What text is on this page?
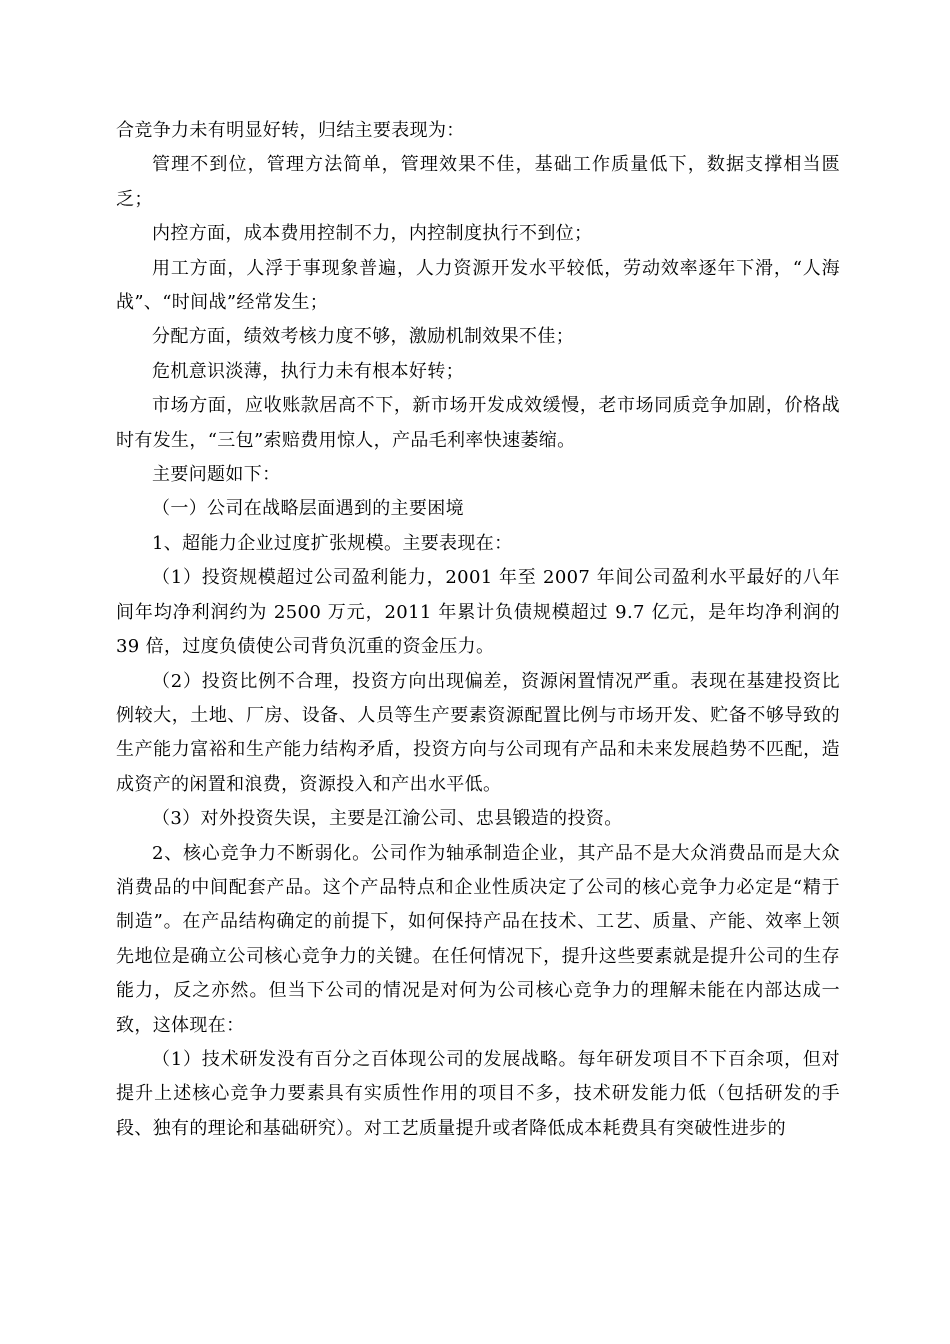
合竞争力未有明显好转，归结主要表现为：

管理不到位，管理方法简单，管理效果不佳，基础工作质量低下，数据支撑相当匮乏；

内控方面，成本费用控制不力，内控制度执行不到位；

用工方面，人浮于事现象普遍，人力资源开发水平较低，劳动效率逐年下滑，“人海战”、“时间战”经常发生；

分配方面，绩效考核力度不够，激励机制效果不佳；

危机意识淡薄，执行力未有根本好转；

市场方面，应收账款居高不下，新市场开发成效缓慢，老市场同质竞争加剧，价格战时有发生，“三包”索赔费用惊人，产品毛利率快速萎缩。

主要问题如下：

（一）公司在战略层面遇到的主要困境

1、超能力企业过度扩张规模。主要表现在：

（1）投资规模超过公司盈利能力，2001 年至 2007 年间公司盈利水平最好的八年间年均净利润约为 2500 万元，2011 年累计负债规模超过 9.7 亿元，是年均净利润的 39 倍，过度负债使公司背负沉重的资金压力。

（2）投资比例不合理，投资方向出现偏差，资源闲置情况严重。表现在基建投资比例较大，土地、厂房、设备、人员等生产要素资源配置比例与市场开发、贮备不够导致的生产能力富裕和生产能力结构矛盾，投资方向与公司现有产品和未来发展趋势不匹配，造成资产的闲置和浪费，资源投入和产出水平低。

（3）对外投资失误，主要是江渝公司、忠县锻造的投资。

2、核心竞争力不断弱化。公司作为轴承制造企业，其产品不是大众消费品而是大众消费品的中间配套产品。这个产品特点和企业性质决定了公司的核心竞争力必定是“精于制造”。在产品结构确定的前提下，如何保持产品在技术、工艺、质量、产能、效率上领先地位是确立公司核心竞争力的关键。在任何情况下，提升这些要素就是提升公司的生存能力，反之亦然。但当下公司的情况是对何为公司核心竞争力的理解未能在内部达成一致，这体现在：

（1）技术研发没有百分之百体现公司的发展战略。每年研发项目不下百余项，但对提升上述核心竞争力要素具有实质性作用的项目不多，技术研发能力低（包括研发的手段、独有的理论和基础研究）。对工艺质量提升或者降低成本耗费具有突破性进步的
